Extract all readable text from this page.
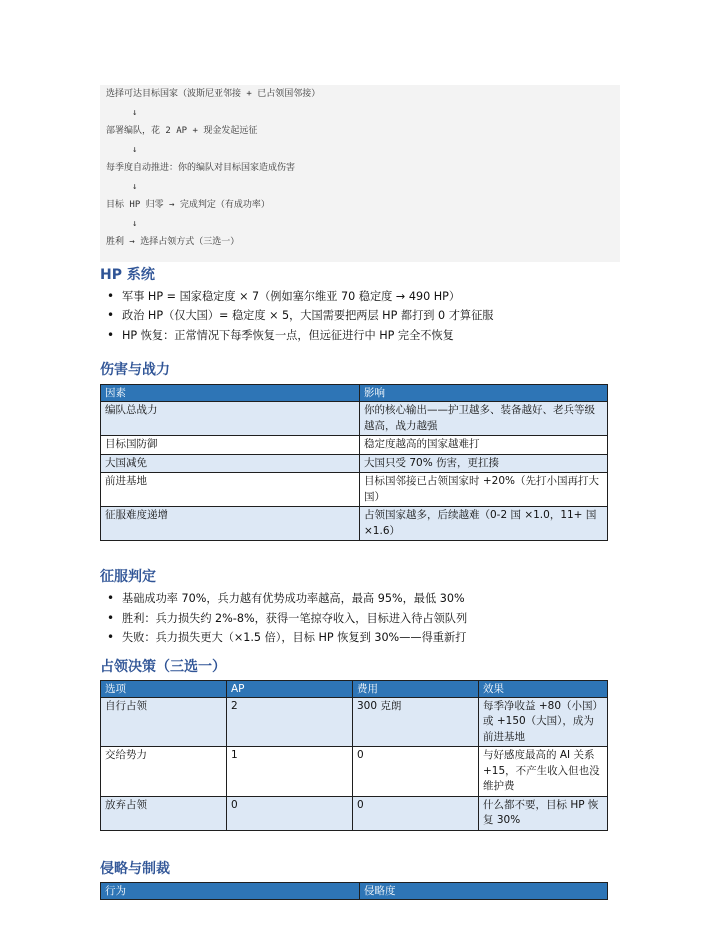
选择可达目标国家（波斯尼亚邻接 + 已占领国邻接）
↓
部署编队，花 2 AP + 现金发起远征
↓
每季度自动推进：你的编队对目标国家造成伤害
↓
目标 HP 归零 → 完成判定（有成功率）
↓
胜利 → 选择占领方式（三选一）
HP 系统
• 军事 HP = 国家稳定度 × 7（例如塞尔维亚 70 稳定度 → 490 HP）
• 政治 HP（仅大国）= 稳定度 × 5，大国需要把两层 HP 都打到 0 才算征服
• HP 恢复：正常情况下每季恢复一点，但远征进行中 HP 完全不恢复
伤害与战力
因素	影响
编队总战力	你的核心输出——护卫越多、装备越好、老兵等级越高，战力越强
目标国防御	稳定度越高的国家越难打
大国减免	大国只受 70% 伤害，更扛揍
前进基地	目标国邻接已占领国家时 +20%（先打小国再打大国）
征服难度递增	占领国家越多，后续越难（0-2 国 ×1.0，11+ 国 ×1.6）
征服判定
• 基础成功率 70%，兵力越有优势成功率越高，最高 95%，最低 30%
• 胜利：兵力损失约 2%-8%，获得一笔掠夺收入，目标进入待占领队列
• 失败：兵力损失更大（×1.5 倍），目标 HP 恢复到 30%——得重新打
占领决策（三选一）
选项	AP	费用	效果
自行占领	2	300 克朗	每季净收益 +80（小国）或 +150（大国），成为前进基地
交给势力	1	0	与好感度最高的 AI 关系 +15，不产生收入但也没维护费
放弃占领	0	0	什么都不要，目标 HP 恢复 30%
侵略与制裁
行为	侵略度
